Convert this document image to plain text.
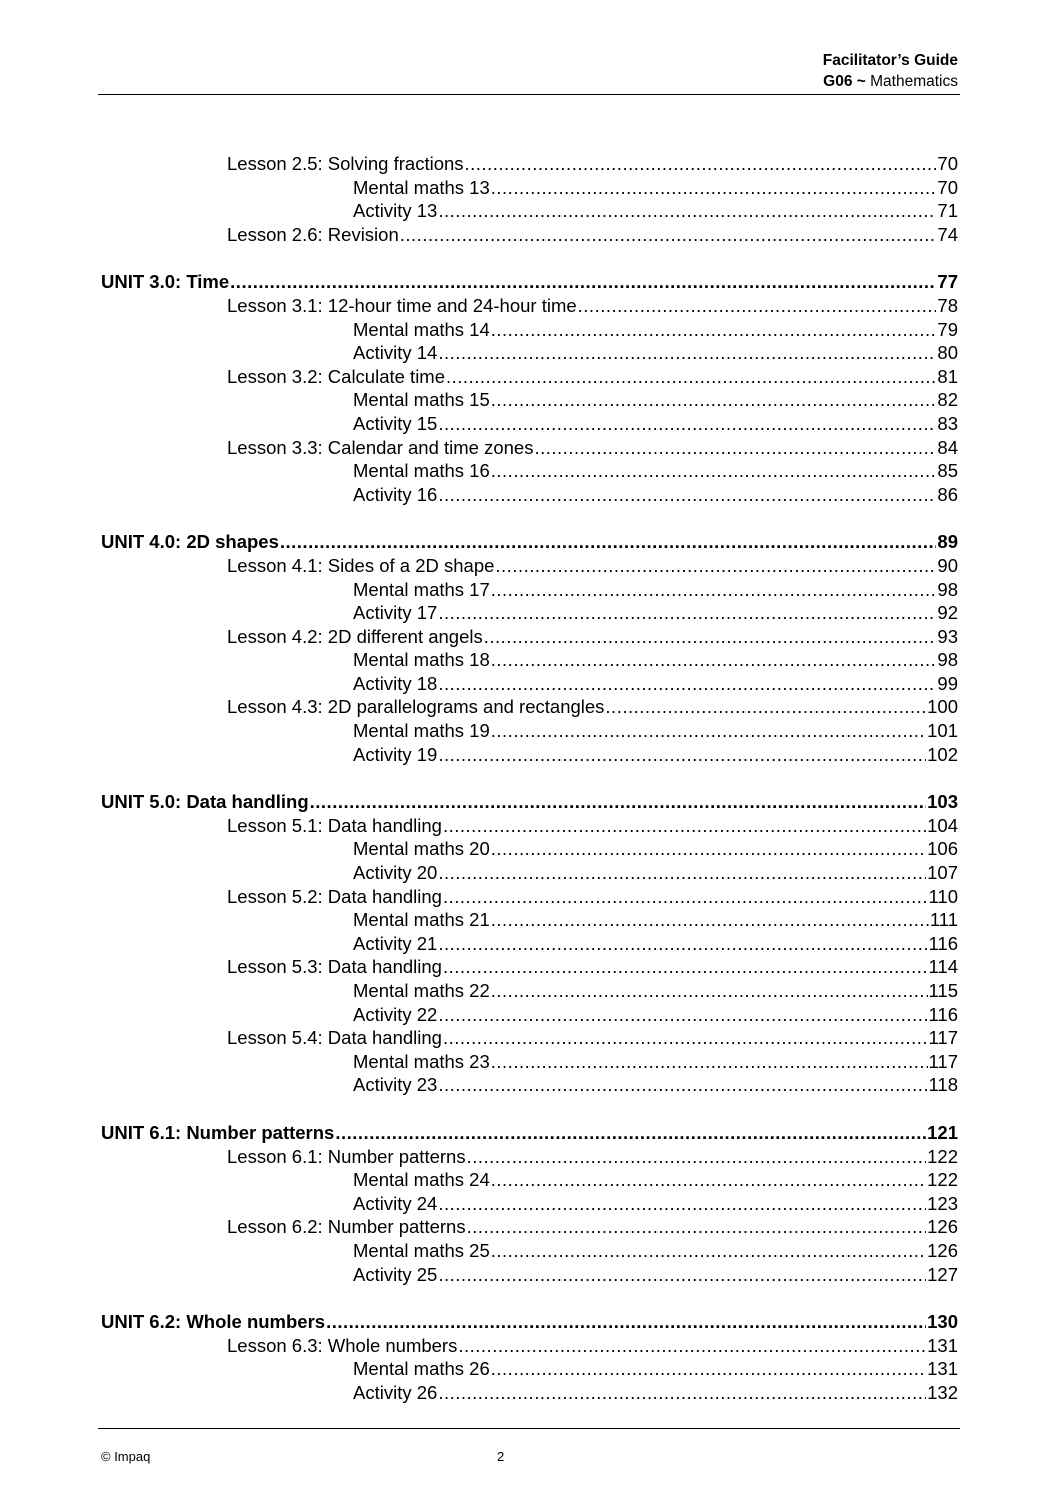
Facilitator’s Guide
G06 ~ Mathematics
Lesson 2.5: Solving fractions .....	70
Mental maths 13 .....	70
Activity 13 .....	71
Lesson 2.6: Revision .....	74
UNIT 3.0: Time .....	77
Lesson 3.1: 12-hour time and 24-hour time .....	78
Mental maths 14 .....	79
Activity 14 .....	80
Lesson 3.2: Calculate time .....	81
Mental maths 15 .....	82
Activity 15 .....	83
Lesson 3.3: Calendar and time zones .....	84
Mental maths 16 .....	85
Activity 16 .....	86
UNIT 4.0: 2D shapes .....	89
Lesson 4.1: Sides of a 2D shape .....	90
Mental maths 17 .....	98
Activity 17 .....	92
Lesson 4.2: 2D different angels .....	93
Mental maths 18 .....	98
Activity 18 .....	99
Lesson 4.3: 2D parallelograms and rectangles .....	100
Mental maths 19 .....	101
Activity 19 .....	102
UNIT 5.0: Data handling .....	103
Lesson 5.1: Data handling .....	104
Mental maths 20 .....	106
Activity 20 .....	107
Lesson 5.2: Data handling .....	110
Mental maths 21 .....	111
Activity 21 .....	116
Lesson 5.3: Data handling .....	114
Mental maths 22 .....	115
Activity 22 .....	116
Lesson 5.4: Data handling .....	117
Mental maths 23 .....	117
Activity 23 .....	118
UNIT 6.1: Number patterns .....	121
Lesson 6.1: Number patterns .....	122
Mental maths 24 .....	122
Activity 24 .....	123
Lesson 6.2: Number patterns .....	126
Mental maths 25 .....	126
Activity 25 .....	127
UNIT 6.2: Whole numbers .....	130
Lesson 6.3: Whole numbers .....	131
Mental maths 26 .....	131
Activity 26 .....	132
© Impaq	2
